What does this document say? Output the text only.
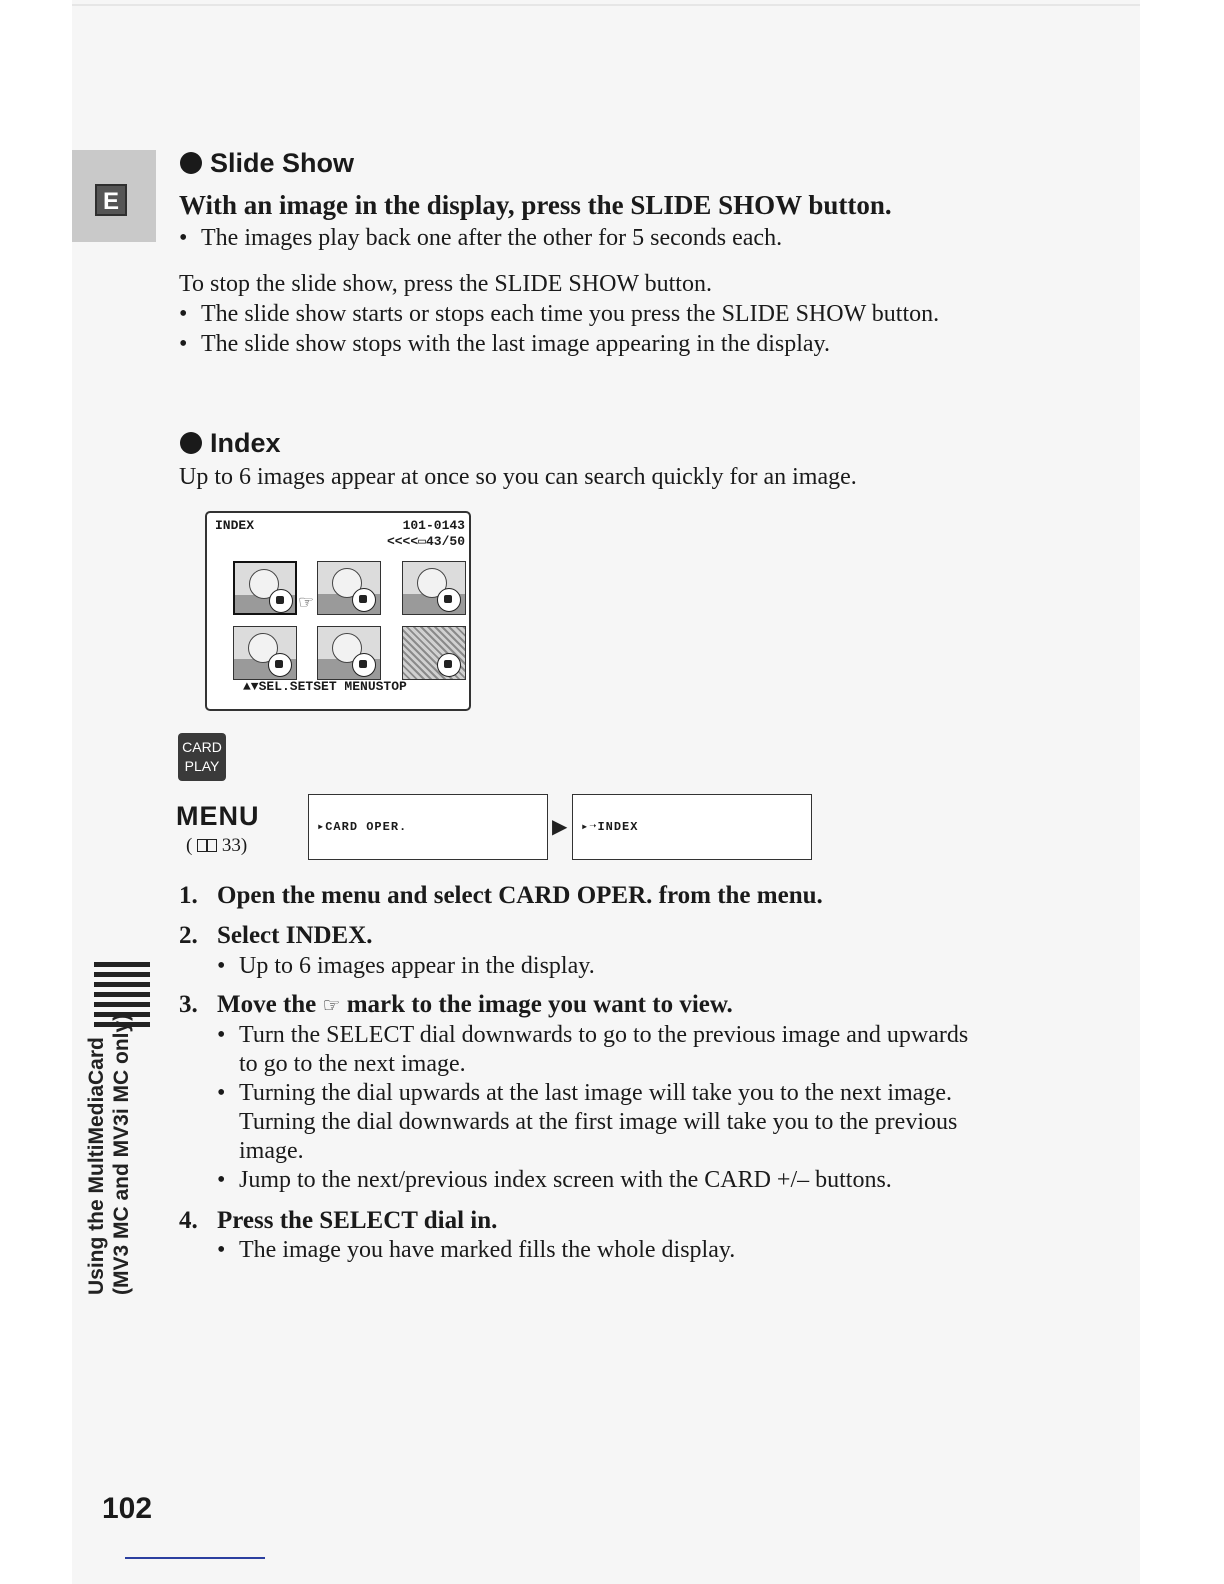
E
Slide Show
With an image in the display, press the SLIDE SHOW button.
• The images play back one after the other for 5 seconds each.
To stop the slide show, press the SLIDE SHOW button.
• The slide show starts or stops each time you press the SLIDE SHOW button.
• The slide show stops with the last image appearing in the display.
Index
Up to 6 images appear at once so you can search quickly for an image.
INDEX	101-0143
<<<<▭43/50
▲▼SEL.SETSET MENUSTOP
☞
CARD
PLAY
MENU
(  33)
▸CARD OPER.	▶ ▸➝INDEX
1. Open the menu and select CARD OPER. from the menu.
2. Select INDEX.
• Up to 6 images appear in the display.
3. Move the ☞ mark to the image you want to view.
• Turn the SELECT dial downwards to go to the previous image and upwards
to go to the next image.
• Turning the dial upwards at the last image will take you to the next image.
Turning the dial downwards at the first image will take you to the previous
image.
• Jump to the next/previous index screen with the CARD +/– buttons.
4. Press the SELECT dial in.
• The image you have marked fills the whole display.
Using the MultiMediaCard (MV3 MC and MV3i MC only)
102
